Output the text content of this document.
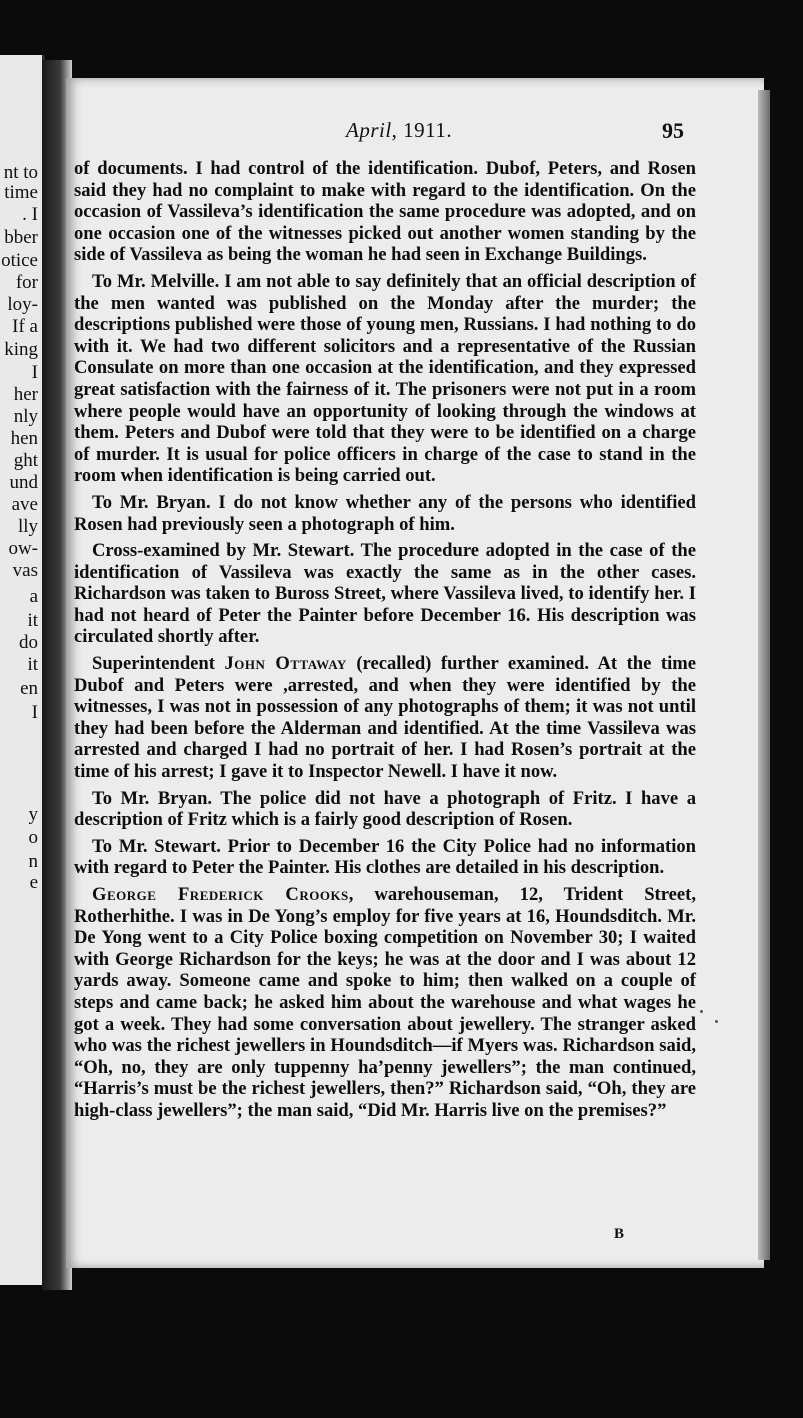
nt to
time
. I
bber
otice
for
loy-
If a
king
I
her
nly
hen
ght
und
ave
lly
ow-
vas
a
it
do
it
en
I
y
o
n
e
April, 1911.	95

of documents. I had control of the identification. Dubof, Peters, and Rosen said they had no complaint to make with regard to the identification. On the occasion of Vassileva’s identification the same procedure was adopted, and on one occasion one of the witnesses picked out another women standing by the side of Vassileva as being the woman he had seen in Exchange Buildings.

To Mr. Melville. I am not able to say definitely that an official description of the men wanted was published on the Monday after the murder; the descriptions published were those of young men, Russians. I had nothing to do with it. We had two different solicitors and a representative of the Russian Consulate on more than one occasion at the identification, and they expressed great satisfaction with the fairness of it. The prisoners were not put in a room where people would have an opportunity of looking through the windows at them. Peters and Dubof were told that they were to be identified on a charge of murder. It is usual for police officers in charge of the case to stand in the room when identification is being carried out.

To Mr. Bryan. I do not know whether any of the persons who identified Rosen had previously seen a photograph of him.

Cross-examined by Mr. Stewart. The procedure adopted in the case of the identification of Vassileva was exactly the same as in the other cases. Richardson was taken to Buross Street, where Vassileva lived, to identify her. I had not heard of Peter the Painter before December 16. His description was circulated shortly after.

Superintendent John Ottaway (recalled) further examined. At the time Dubof and Peters were ,arrested, and when they were identified by the witnesses, I was not in possession of any photographs of them; it was not until they had been before the Alderman and identified. At the time Vassileva was arrested and charged I had no portrait of her. I had Rosen’s portrait at the time of his arrest; I gave it to Inspector Newell. I have it now.

To Mr. Bryan. The police did not have a photograph of Fritz. I have a description of Fritz which is a fairly good description of Rosen.

To Mr. Stewart. Prior to December 16 the City Police had no information with regard to Peter the Painter. His clothes are detailed in his description.

George Frederick Crooks, warehouseman, 12, Trident Street, Rotherhithe. I was in De Yong’s employ for five years at 16, Houndsditch. Mr. De Yong went to a City Police boxing competition on November 30; I waited with George Richardson for the keys; he was at the door and I was about 12 yards away. Someone came and spoke to him; then walked on a couple of steps and came back; he asked him about the warehouse and what wages he got a week. They had some conversation about jewellery. The stranger asked who was the richest jewellers in Houndsditch—if Myers was. Richardson said, “Oh, no, they are only tuppenny ha’penny jewellers”; the man continued, “Harris’s must be the richest jewellers, then?” Richardson said, “Oh, they are high-class jewellers”; the man said, “Did Mr. Harris live on the premises?”

B
